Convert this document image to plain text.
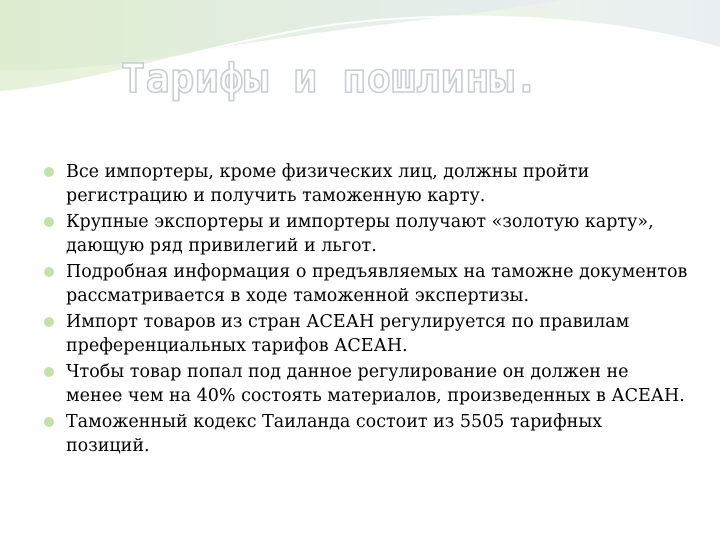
Тарифы и пошлины.
Все импортеры, кроме физических лиц, должны пройти регистрацию и получить таможенную карту.
Крупные экспортеры и импортеры получают «золотую карту», дающую ряд привилегий и льгот.
Подробная информация о предъявляемых на таможне документов рассматривается в ходе таможенной экспертизы.
Импорт товаров из стран АСЕАН регулируется по правилам преференциальных тарифов АСЕАН.
Чтобы товар попал под данное регулирование он должен не менее чем на 40% состоять материалов, произведенных в АСЕАН.
Таможенный кодекс Таиланда состоит из 5505 тарифных позиций.
